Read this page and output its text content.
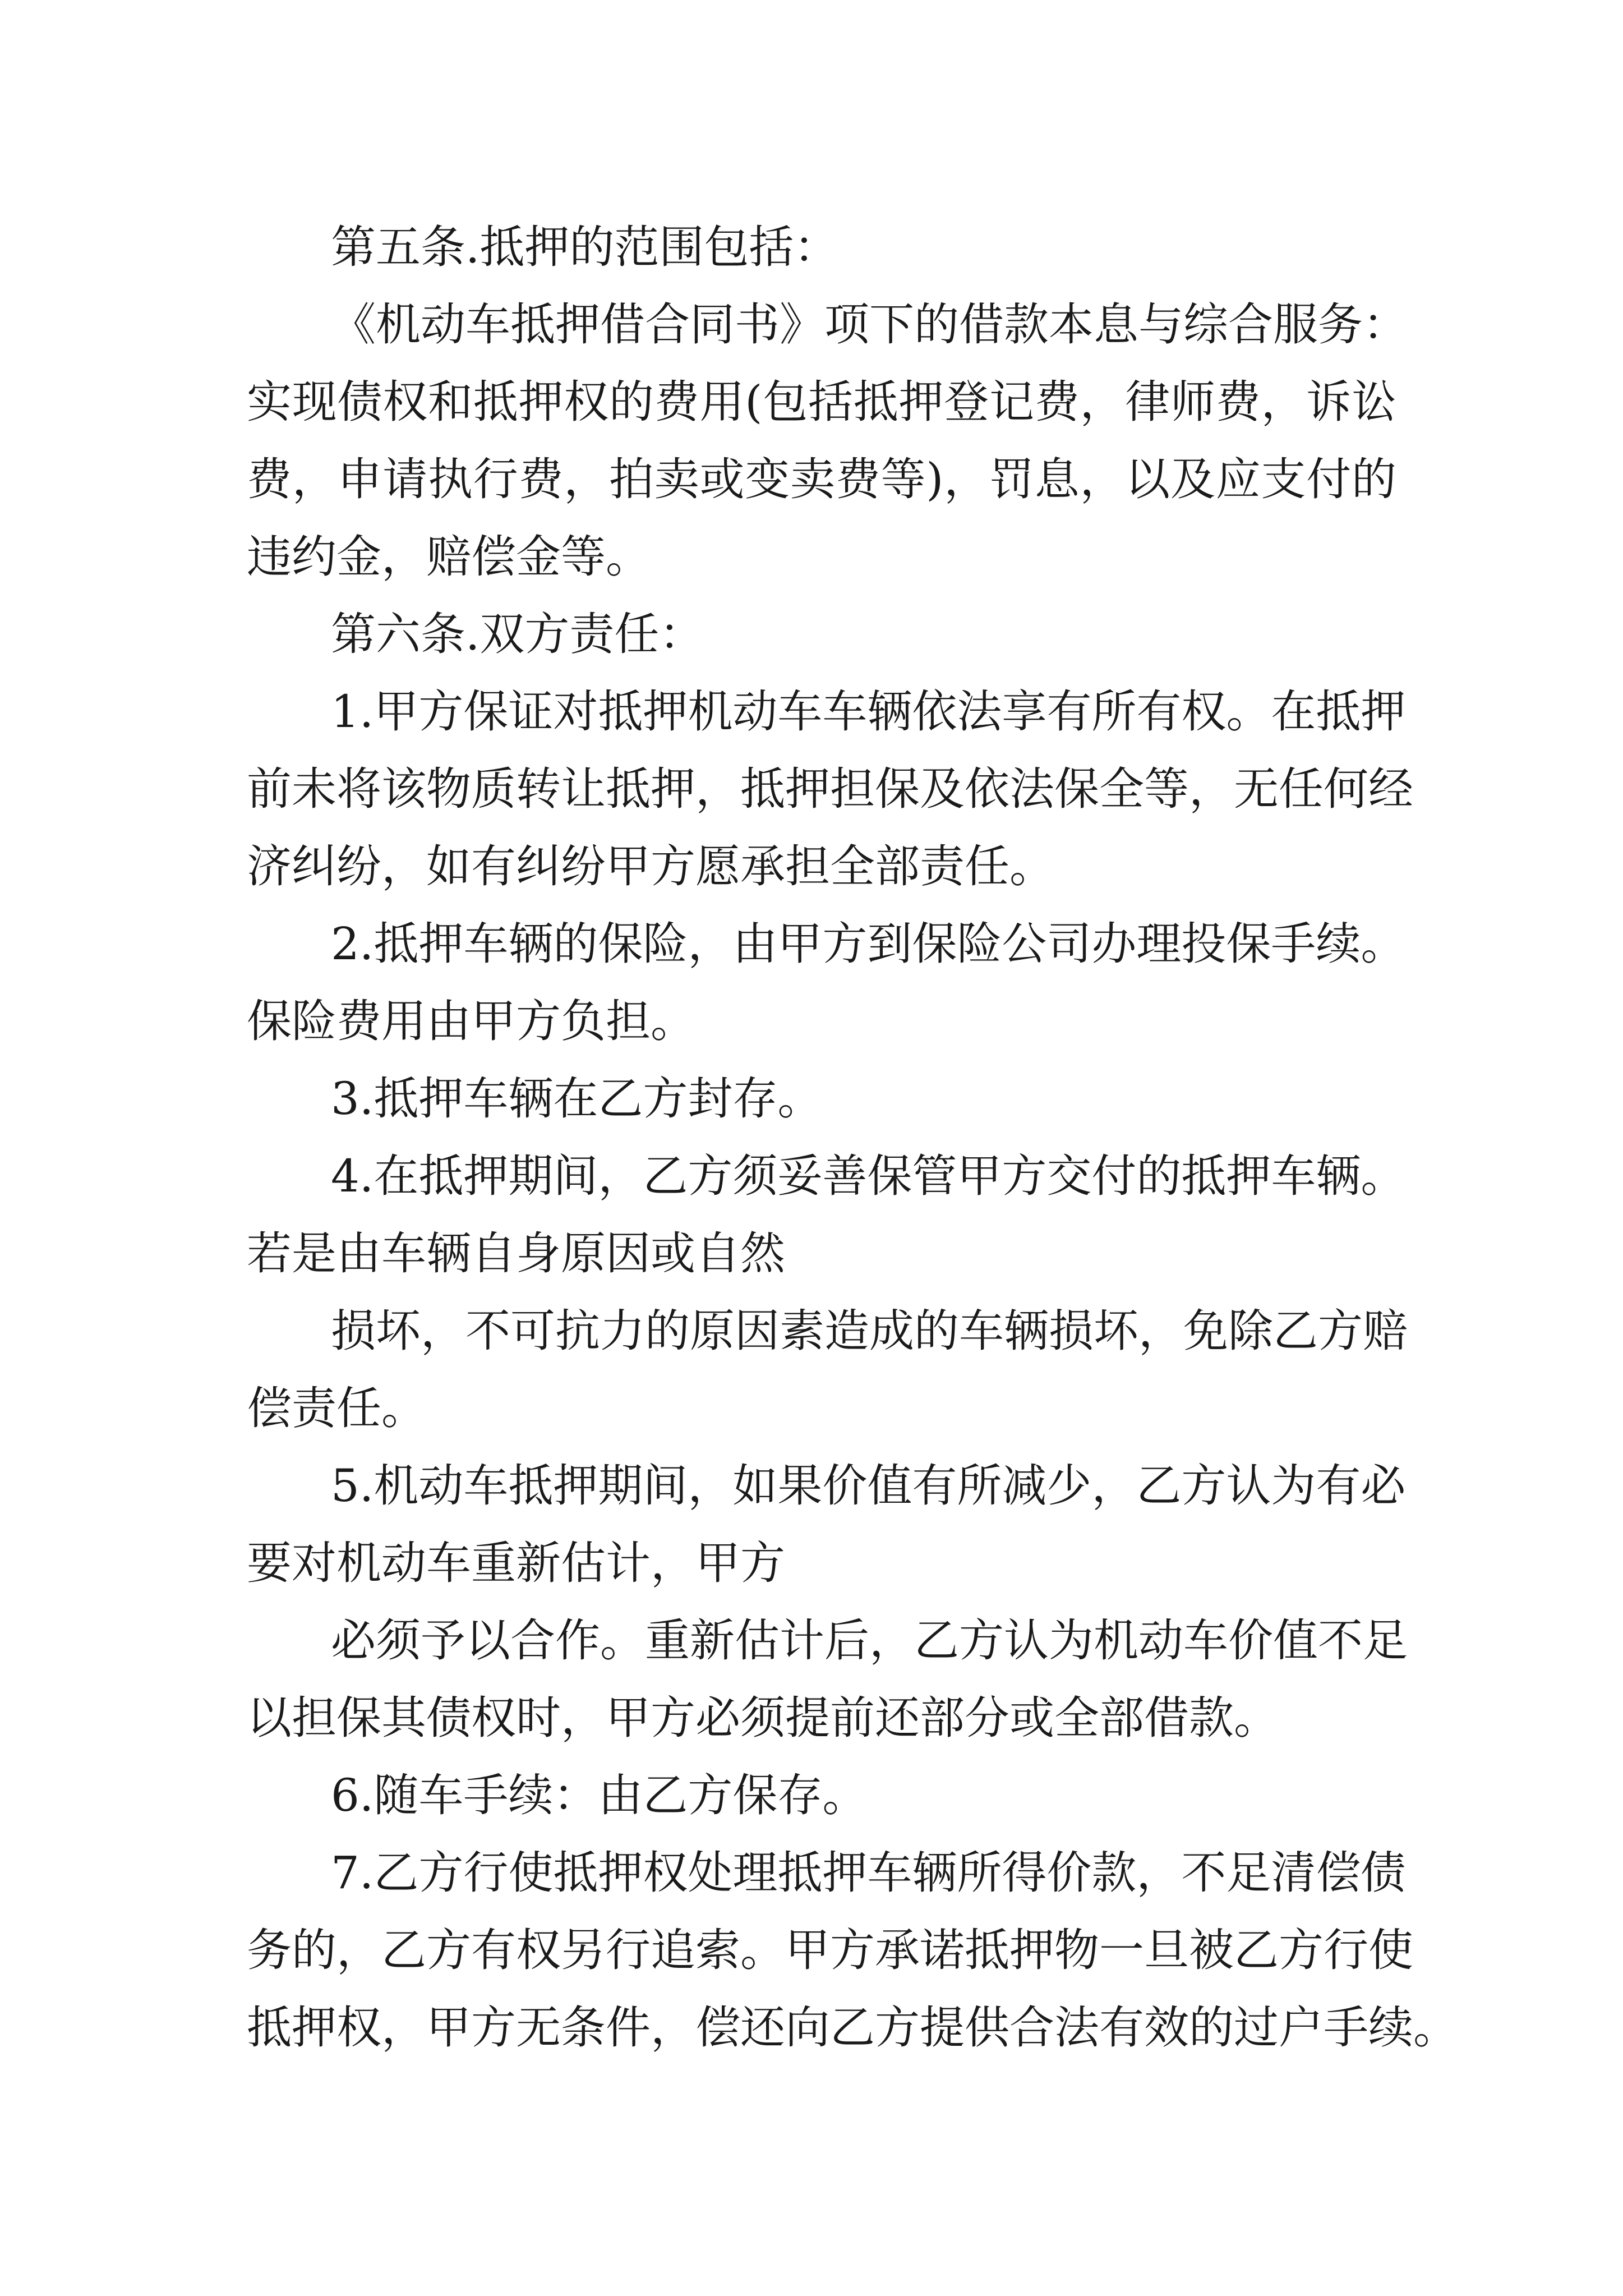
第五条.抵押的范围包括：
《机动车抵押借合同书》项下的借款本息与综合服务：
实现债权和抵押权的费用(包括抵押登记费，律师费，诉讼
费，申请执行费，拍卖或变卖费等)，罚息，以及应支付的
违约金，赔偿金等。
第六条.双方责任：
1.甲方保证对抵押机动车车辆依法享有所有权。在抵押
前未将该物质转让抵押，抵押担保及依法保全等，无任何经
济纠纷，如有纠纷甲方愿承担全部责任。
2.抵押车辆的保险，由甲方到保险公司办理投保手续。
保险费用由甲方负担。
3.抵押车辆在乙方封存。
4.在抵押期间，乙方须妥善保管甲方交付的抵押车辆。
若是由车辆自身原因或自然
损坏，不可抗力的原因素造成的车辆损坏，免除乙方赔
偿责任。
5.机动车抵押期间，如果价值有所减少，乙方认为有必
要对机动车重新估计，甲方
必须予以合作。重新估计后，乙方认为机动车价值不足
以担保其债权时，甲方必须提前还部分或全部借款。
6.随车手续：由乙方保存。
7.乙方行使抵押权处理抵押车辆所得价款，不足清偿债
务的，乙方有权另行追索。甲方承诺抵押物一旦被乙方行使
抵押权，甲方无条件，偿还向乙方提供合法有效的过户手续。
